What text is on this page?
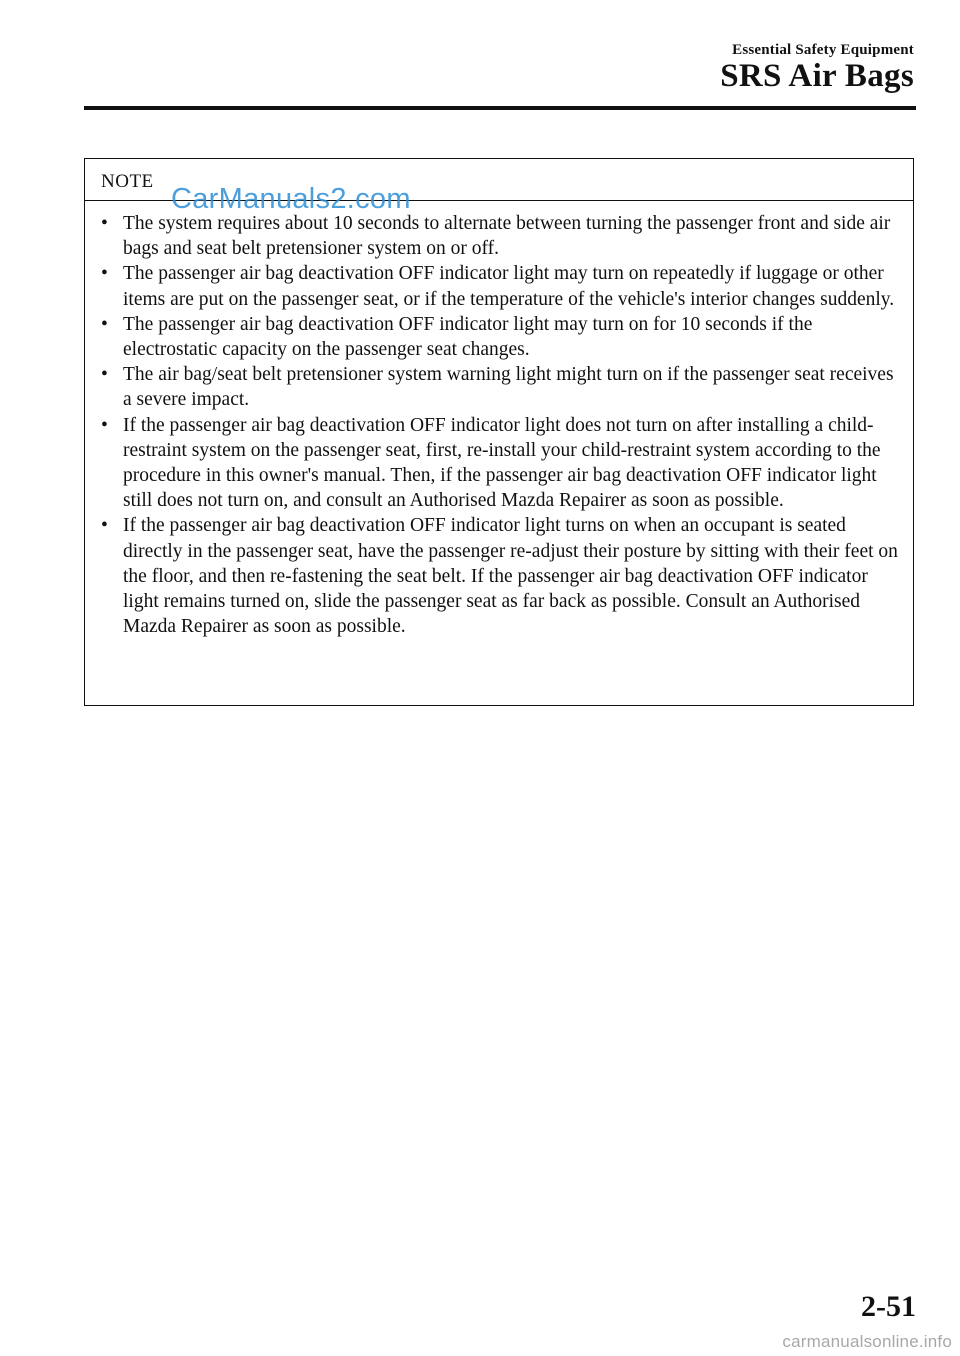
Essential Safety Equipment
SRS Air Bags
NOTE
CarManuals2.com
• The system requires about 10 seconds to alternate between turning the passenger front and side air bags and seat belt pretensioner system on or off.
• The passenger air bag deactivation OFF indicator light may turn on repeatedly if luggage or other items are put on the passenger seat, or if the temperature of the vehicle's interior changes suddenly.
• The passenger air bag deactivation OFF indicator light may turn on for 10 seconds if the electrostatic capacity on the passenger seat changes.
• The air bag/seat belt pretensioner system warning light might turn on if the passenger seat receives a severe impact.
• If the passenger air bag deactivation OFF indicator light does not turn on after installing a child-restraint system on the passenger seat, first, re-install your child-restraint system according to the procedure in this owner's manual. Then, if the passenger air bag deactivation OFF indicator light still does not turn on, and consult an Authorised Mazda Repairer as soon as possible.
• If the passenger air bag deactivation OFF indicator light turns on when an occupant is seated directly in the passenger seat, have the passenger re-adjust their posture by sitting with their feet on the floor, and then re-fastening the seat belt. If the passenger air bag deactivation OFF indicator light remains turned on, slide the passenger seat as far back as possible. Consult an Authorised Mazda Repairer as soon as possible.
2-51
carmanualsonline.info
